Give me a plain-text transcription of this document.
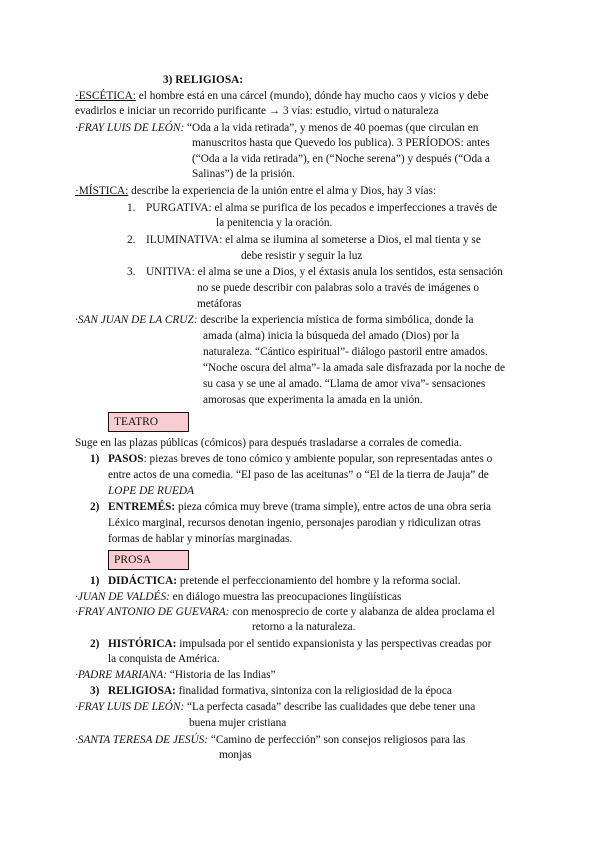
3) RELIGIOSA:
·ESCÉTICA: el hombre está en una cárcel (mundo), dónde hay mucho caos y vicios y debe
evadirlos e iniciar un recorrido purificante → 3 vías: estudio, virtud o naturaleza
·FRAY LUIS DE LEÓN: “Oda a la vida retirada”, y menos de 40 poemas (que circulan en
manuscritos hasta que Quevedo los publica). 3 PERÍODOS: antes
(“Oda a la vida retirada”), en (“Noche serena”) y después (“Oda a
Salinas”) de la prisión.
·MÍSTICA: describe la experiencia de la unión entre el alma y Dios, hay 3 vías:
1. PURGATIVA: el alma se purifica de los pecados e imperfecciones a través de
la penitencia y la oración.
2. ILUMINATIVA: el alma se ilumina al someterse a Dios, el mal tienta y se
debe resistir y seguir la luz
3. UNITIVA: el alma se une a Dios, y el éxtasis anula los sentidos, esta sensación
no se puede describir con palabras solo a través de imágenes o
metáforas
·SAN JUAN DE LA CRUZ: describe la experiencia mística de forma simbólica, donde la
amada (alma) inicia la búsqueda del amado (Dios) por la
naturaleza. “Cántico espiritual”- diálogo pastoril entre amados.
“Noche oscura del alma”- la amada sale disfrazada por la noche de
su casa y se une al amado. “Llama de amor viva”- sensaciones
amorosas que experimenta la amada en la unión.
TEATRO
Suge en las plazas públicas (cómicos) para después trasladarse a corrales de comedia.
1) PASOS: piezas breves de tono cómico y ambiente popular, son representadas antes o
entre actos de una comedia. “El paso de las aceitunas” o “El de la tierra de Jauja” de
LOPE DE RUEDA
2) ENTREMÉS: pieza cómica muy breve (trama simple), entre actos de una obra seria
Léxico marginal, recursos denotan ingenio, personajes parodian y ridiculizan otras
formas de hablar y minorías marginadas.
PROSA
1) DIDÁCTICA: pretende el perfeccionamiento del hombre y la reforma social.
·JUAN DE VALDÉS: en diálogo muestra las preocupaciones lingüísticas
·FRAY ANTONIO DE GUEVARA: con menosprecio de corte y alabanza de aldea proclama el
retorno a la naturaleza.
2) HISTÓRICA: impulsada por el sentido expansionista y las perspectivas creadas por
la conquista de América.
·PADRE MARIANA: “Historia de las Indias”
3) RELIGIOSA: finalidad formativa, sintoniza con la religiosidad de la época
·FRAY LUIS DE LEÓN: “La perfecta casada” describe las cualidades que debe tener una
buena mujer cristiana
·SANTA TERESA DE JESÚS: “Camino de perfección” son consejos religiosos para las
monjas
